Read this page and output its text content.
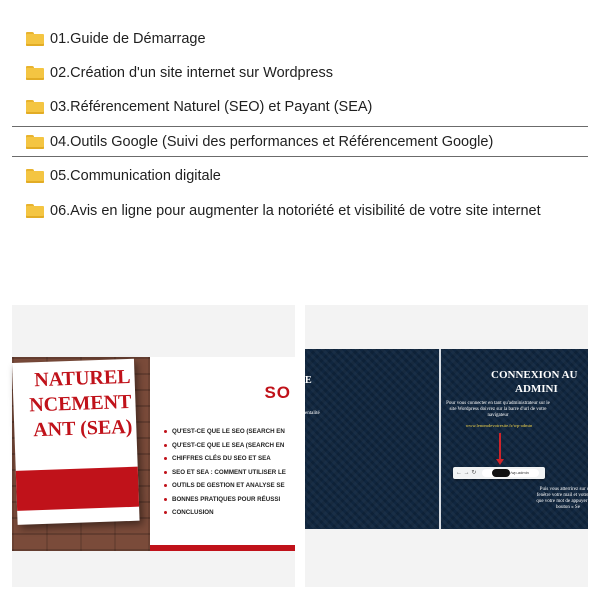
01.Guide de Démarrage
02.Création d'un site internet sur Wordpress
03.Référencement Naturel (SEO) et Payant (SEA)
04.Outils Google (Suivi des performances et Référencement Google)
05.Communication digitale
06.Avis en ligne pour augmenter la notoriété et visibilité de votre site internet
NATUREL
NCEMENT
ANT (SEA)
SO
QU'EST-CE QUE LE SEO (SEARCH EN
QU'EST-CE QUE LE SEA (SEARCH EN
CHIFFRES CLÉS DU SEO ET SEA
SEO ET SEA : COMMENT UTILISER LE
OUTILS DE GESTION ET ANALYSE SE
BONNES PRATIQUES POUR RÉUSSI
CONCLUSION
E
entalité
CONNEXION AU
ADMINI
Pour vous connecter en tant qu'administrateur sur le site Wordpress doivrez sur la barre d'url de votre navigateur
www.lenomdevotresite.fr/wp-admin
← → ↻	/wp-admin
Puis vous atterrirez sur cette fenêtre votre mail et votre ainsi que votre mot de appuyer sur le bouton « Se
